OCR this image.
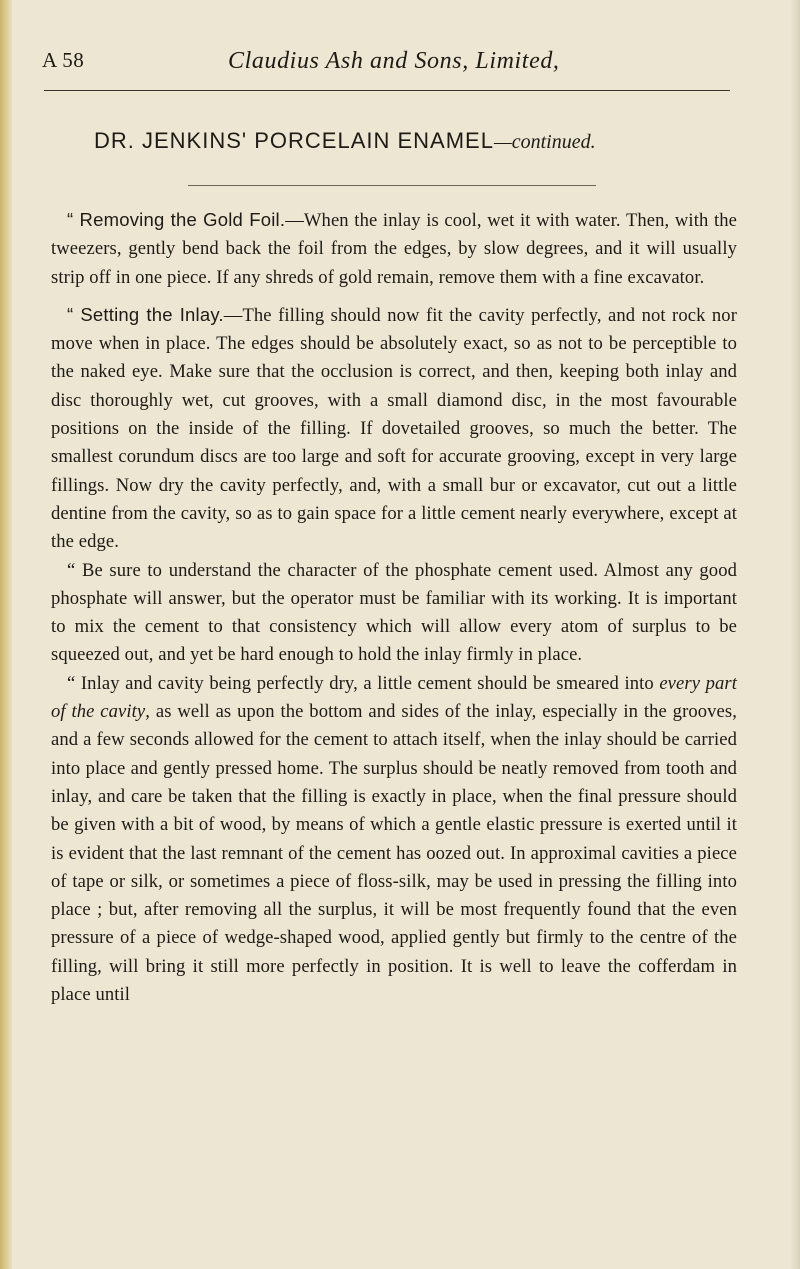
A 58	Claudius Ash and Sons, Limited,
DR. JENKINS' PORCELAIN ENAMEL—continued.

“ Removing the Gold Foil.—When the inlay is cool, wet it with water. Then, with the tweezers, gently bend back the foil from the edges, by slow degrees, and it will usually strip off in one piece. If any shreds of gold remain, remove them with a fine excavator.

“ Setting the Inlay.—The filling should now fit the cavity perfectly, and not rock nor move when in place. The edges should be absolutely exact, so as not to be perceptible to the naked eye. Make sure that the occlusion is correct, and then, keeping both inlay and disc thoroughly wet, cut grooves, with a small diamond disc, in the most favourable positions on the inside of the filling. If dovetailed grooves, so much the better. The smallest corundum discs are too large and soft for accurate grooving, except in very large fillings. Now dry the cavity perfectly, and, with a small bur or excavator, cut out a little dentine from the cavity, so as to gain space for a little cement nearly everywhere, except at the edge.

“ Be sure to understand the character of the phosphate cement used. Almost any good phosphate will answer, but the operator must be familiar with its working. It is important to mix the cement to that consistency which will allow every atom of surplus to be squeezed out, and yet be hard enough to hold the inlay firmly in place.

“ Inlay and cavity being perfectly dry, a little cement should be smeared into every part of the cavity, as well as upon the bottom and sides of the inlay, especially in the grooves, and a few seconds allowed for the cement to attach itself, when the inlay should be carried into place and gently pressed home. The surplus should be neatly removed from tooth and inlay, and care be taken that the filling is exactly in place, when the final pressure should be given with a bit of wood, by means of which a gentle elastic pressure is exerted until it is evident that the last remnant of the cement has oozed out. In approximal cavities a piece of tape or silk, or sometimes a piece of floss-silk, may be used in pressing the filling into place ; but, after removing all the surplus, it will be most frequently found that the even pressure of a piece of wedge-shaped wood, applied gently but firmly to the centre of the filling, will bring it still more perfectly in position. It is well to leave the cofferdam in place until
